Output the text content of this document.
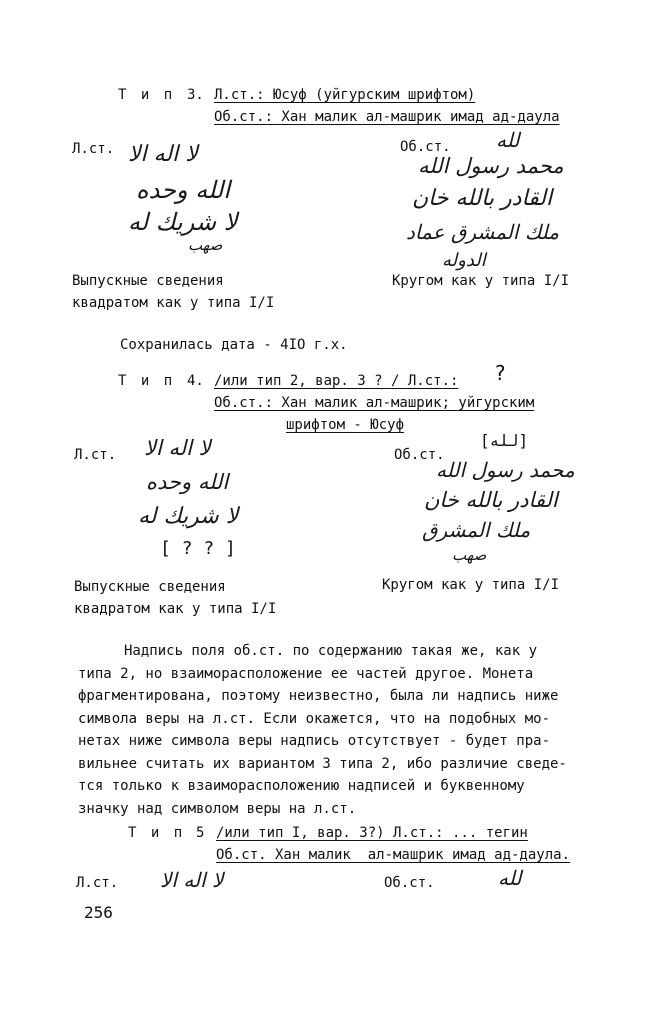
Т и п 3. Л.ст.: Юсуф (уйгурским шрифтом)
Об.ст.: Хан малик ал-машрик имад ад-даула
Л.ст. لا اله الا
الله وحده
لا شريك له
صهب
Об.ст. لله
محمد رسول الله
القادر بالله خان
ملك المشرق عماد
الدوله
Выпускные сведения
квадратом как у типа I/I
Кругом как у типа I/I
Сохранилась дата - 4IO г.х.
Т и п 4. /или тип 2, вар. 3 ? / Л.ст.: ?
Об.ст.: Хан малик ал-машрик; уйгурским
шрифтом - Юсуф
Л.ст. لا اله الا
الله وحده
لا شريك له
[ ? ? ]
Об.ст.
[لله]
محمد رسول الله
القادر بالله خان
ملك المشرق
صهب
Выпускные сведения
квадратом как у типа I/I
Кругом как у типа I/I
Надпись поля об.ст. по содержанию такая же, как у
типа 2, но взаиморасположение ее частей другое. Монета
фрагментирована, поэтому неизвестно, была ли надпись ниже
символа веры на л.ст. Если окажется, что на подобных мо-
нетах ниже символа веры надпись отсутствует - будет пра-
вильнее считать их вариантом 3 типа 2, ибо различие сведе-
тся только к взаиморасположению надписей и буквенному
значку над символом веры на л.ст.
Т и п 5 /или тип I, вар. 3?) Л.ст.: ... тегин
Об.ст. Хан малик  ал-машрик имад ад-даула.
Л.ст. لا اله الا	Об.ст.	لله
256
